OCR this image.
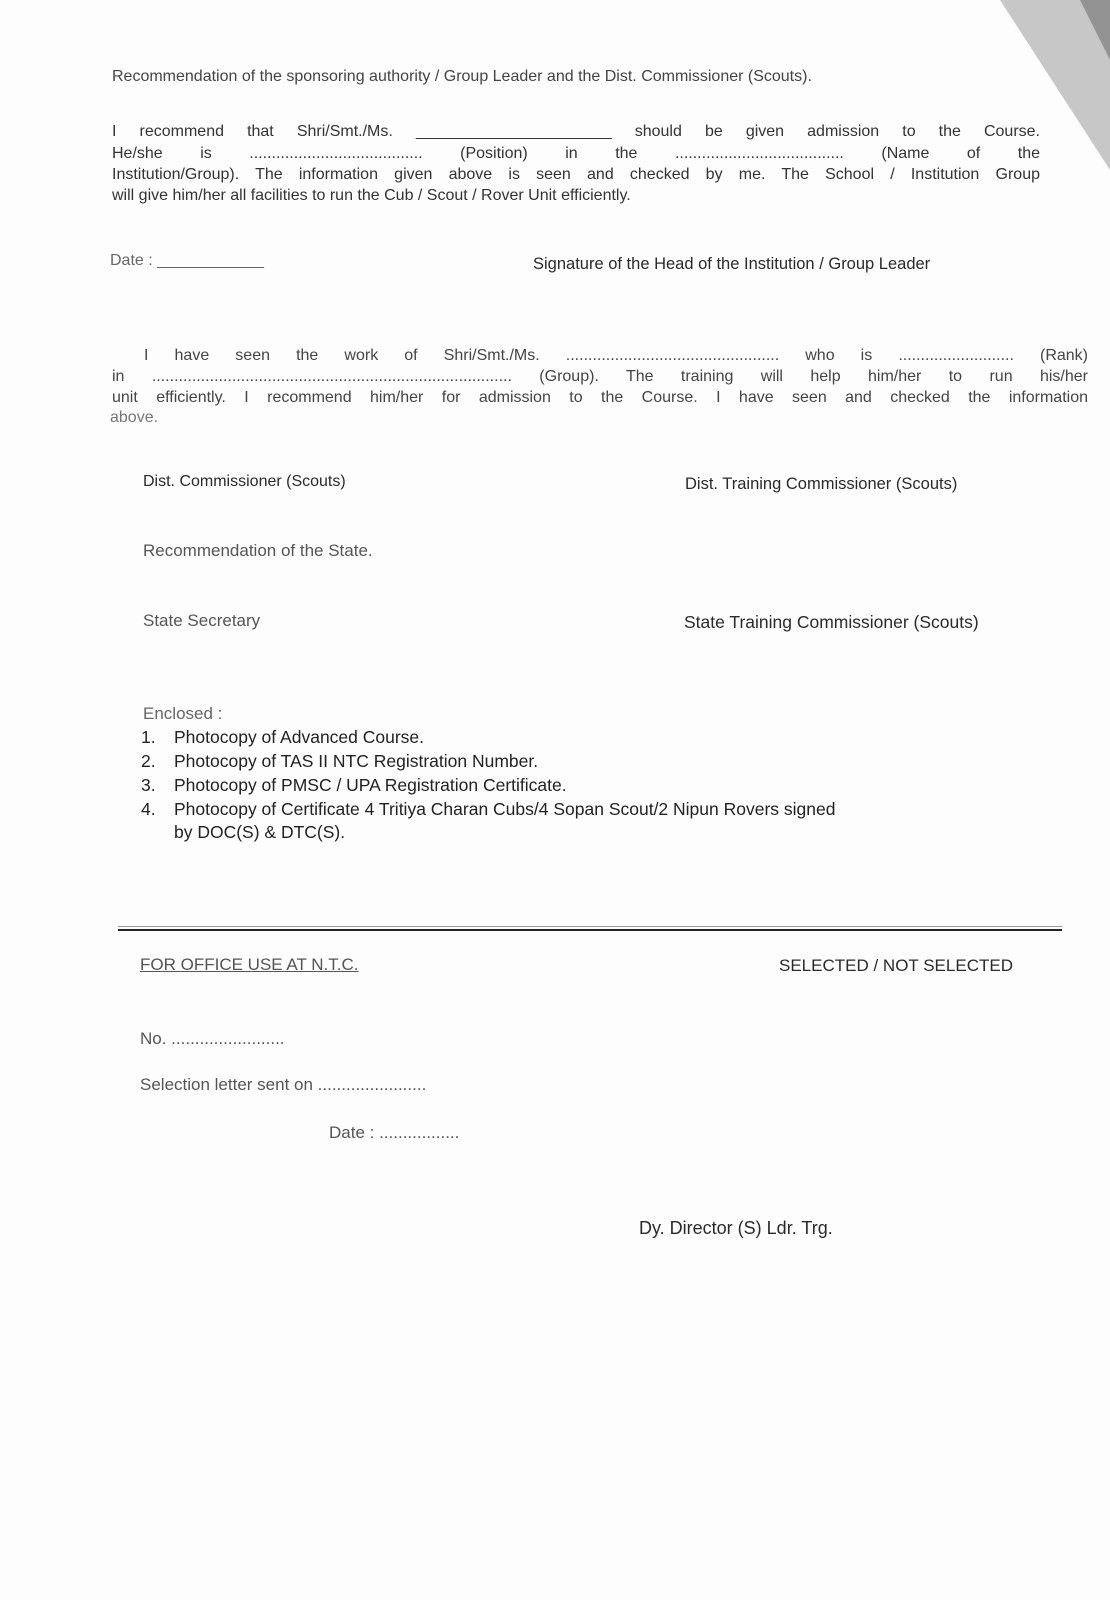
Recommendation of the sponsoring authority / Group Leader and the Dist. Commissioner (Scouts).
I recommend that Shri/Smt./Ms. ______________________ should be given admission to the Course.
He/she is ....................................... (Position) in the ...................................... (Name of the
Institution/Group). The information given above is seen and checked by me. The School / Institution Group
will give him/her all facilities to run the Cub / Scout / Rover Unit efficiently.
Date : ____________	Signature of the Head of the Institution / Group Leader
I have seen the work of Shri/Smt./Ms. ................................................ who is .......................... (Rank)
in ................................................................................. (Group). The training will help him/her to run his/her
unit efficiently. I recommend him/her for admission to the Course. I have seen and checked the information
above.
Dist. Commissioner (Scouts)	Dist. Training Commissioner (Scouts)
Recommendation of the State.
State Secretary	State Training Commissioner (Scouts)
Enclosed :
1. Photocopy of Advanced Course.
2. Photocopy of TAS II NTC Registration Number.
3. Photocopy of PMSC / UPA Registration Certificate.
4. Photocopy of Certificate 4 Tritiya Charan Cubs/4 Sopan Scout/2 Nipun Rovers signed
by DOC(S) & DTC(S).
FOR OFFICE USE AT N.T.C.	SELECTED / NOT SELECTED
No. ........................
Selection letter sent on .......................
Date : .................
Dy. Director (S) Ldr. Trg.
